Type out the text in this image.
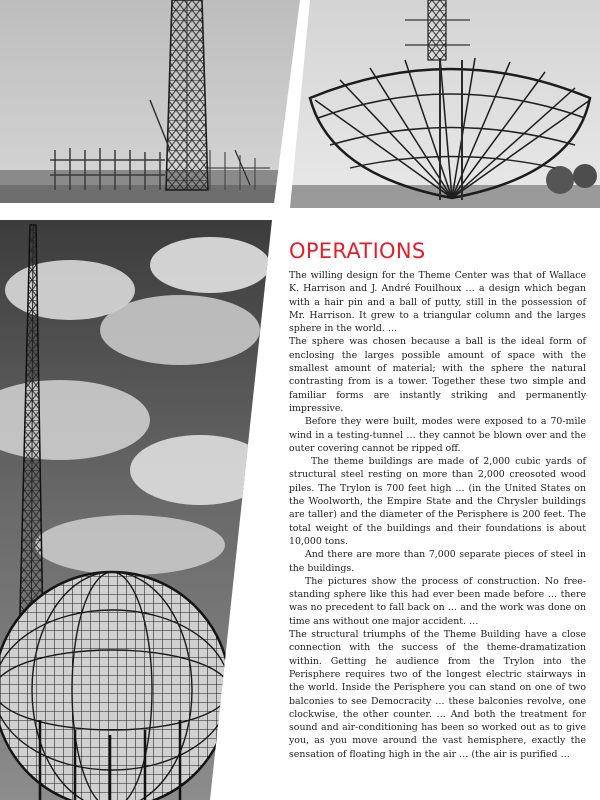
OPERATIONS

The willing design for the Theme Center was that of Wallace K. Harrison and J. André Fouilhoux … a design which began with a hair pin and a ball of putty, still in the possession of Mr. Harrison. It grew to a triangular column and the larges sphere in the world. …

The sphere was chosen because a ball is the ideal form of enclosing the larges possible amount of space with the smallest amount of material; with the sphere the natural contrasting from is a tower. Together these two simple and familiar forms are instantly striking and permanently impressive.

Before they were built, modes were exposed to a 70-mile wind in a testing-tunnel … they cannot be blown over and the outer covering cannot be ripped off.

The theme buildings are made of 2,000 cubic yards of structural steel resting on more than 2,000 creosoted wood piles. The Trylon is 700 feet high … (in the United States on the Woolworth, the Empire State and the Chrysler buildings are taller) and the diameter of the Perisphere is 200 feet. The total weight of the buildings and their foundations is about 10,000 tons.

And there are more than 7,000 separate pieces of steel in the buildings.

The pictures show the process of construction. No free-standing sphere like this had ever been made before … there was no precedent to fall back on … and the work was done on time ans without one major accident. …

The structural triumphs of the Theme Building have a close connection with the success of the theme-dramatization within. Getting he audience from the Trylon into the Perisphere requires two of the longest electric stairways in the world. Inside the Perisphere you can stand on one of two balconies to see Democracity … these balconies revolve, one clockwise, the other counter. … And both the treatment for sound and air-conditioning has been so worked out as to give you, as you move around the vast hemisphere, exactly the sensation of floating high in the air … (the air is purified …
